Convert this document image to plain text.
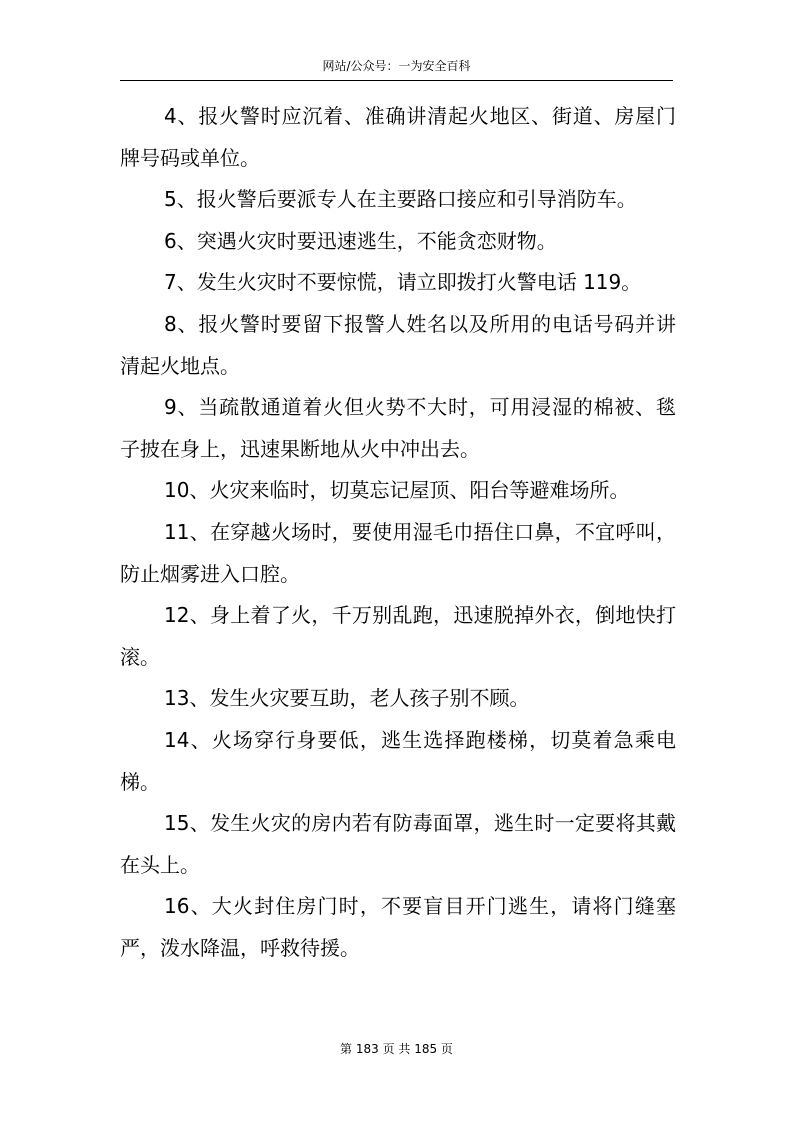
网站/公众号：一为安全百科

4、报火警时应沉着、准确讲清起火地区、街道、房屋门牌号码或单位。

5、报火警后要派专人在主要路口接应和引导消防车。

6、突遇火灾时要迅速逃生，不能贪恋财物。

7、发生火灾时不要惊慌，请立即拨打火警电话 119。

8、报火警时要留下报警人姓名以及所用的电话号码并讲清起火地点。

9、当疏散通道着火但火势不大时，可用浸湿的棉被、毯子披在身上，迅速果断地从火中冲出去。

10、火灾来临时，切莫忘记屋顶、阳台等避难场所。

11、在穿越火场时，要使用湿毛巾捂住口鼻，不宜呼叫，防止烟雾进入口腔。

12、身上着了火，千万别乱跑，迅速脱掉外衣，倒地快打滚。

13、发生火灾要互助，老人孩子别不顾。

14、火场穿行身要低，逃生选择跑楼梯，切莫着急乘电梯。

15、发生火灾的房内若有防毒面罩，逃生时一定要将其戴在头上。

16、大火封住房门时，不要盲目开门逃生，请将门缝塞严，泼水降温，呼救待援。

第 183 页 共 185 页
